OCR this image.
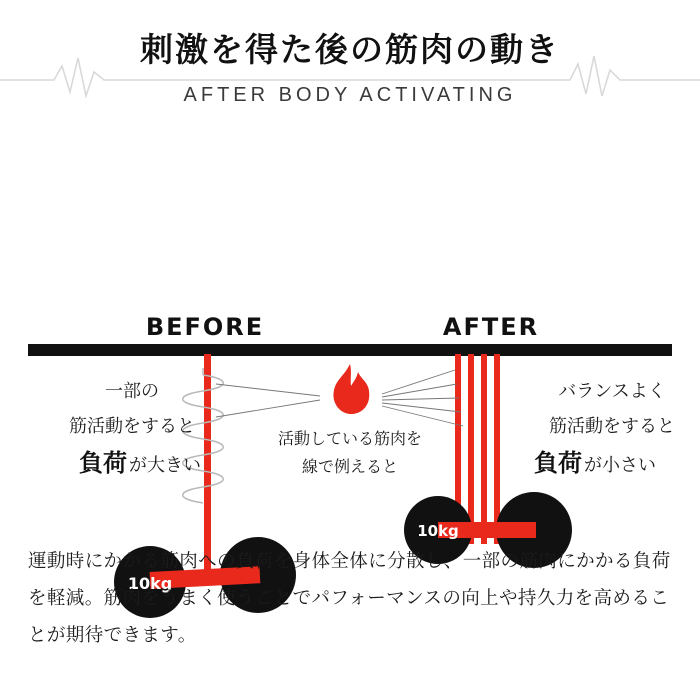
刺激を得た後の筋肉の動き
AFTER BODY ACTIVATING
10kg
BEFORE
一部の
筋活動をすると
負荷 が大きい
10kg
AFTER
バランスよく
筋活動をすると
負荷 が小さい
活動している筋肉を
線で例えると
運動時にかかる筋肉への負荷を身体全体に分散し、一部の筋肉にかかる負荷を軽減。筋肉をうまく使うことでパフォーマンスの向上や持久力を高めることが期待できます。
